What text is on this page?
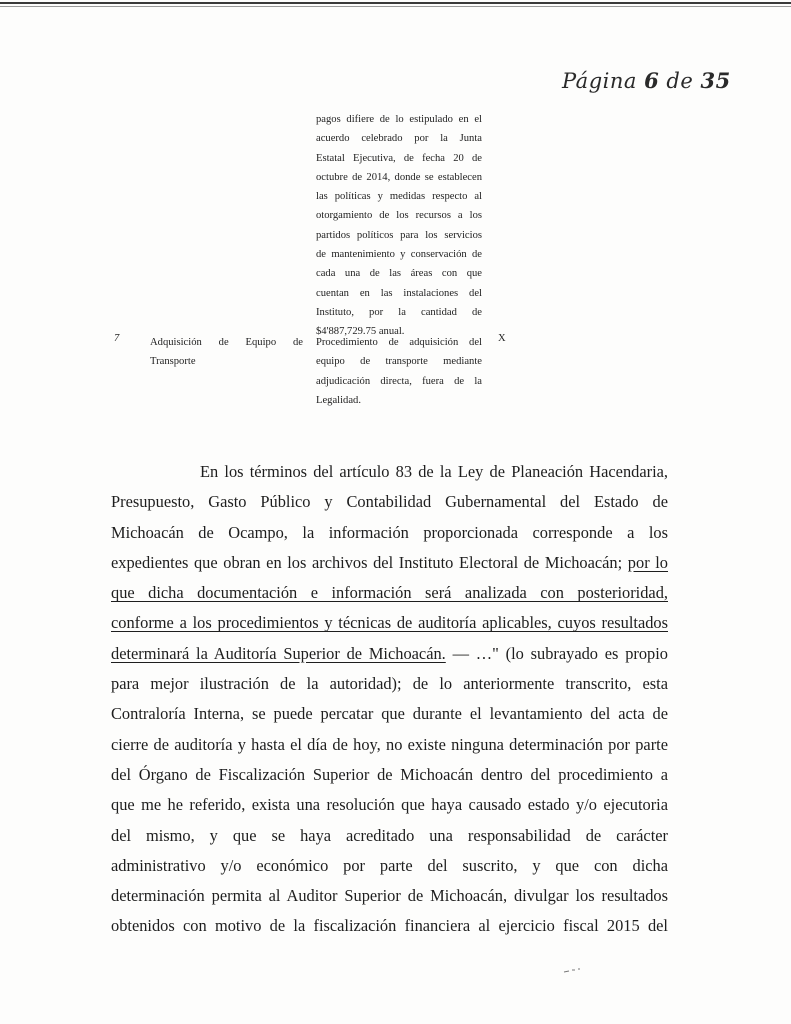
Página 6 de 35
pagos difiere de lo estipulado en el
acuerdo celebrado por la Junta
Estatal Ejecutiva, de fecha 20 de
octubre de 2014, donde se establecen
las políticas y medidas respecto al
otorgamiento de los recursos a los
partidos políticos para los servicios
de mantenimiento y conservación de
cada una de las áreas con que
cuentan en las instalaciones del
Instituto, por la cantidad de
$4'887,729.75 anual.
7	Adquisición de Equipo de
Transporte
Procedimiento de adquisición del
equipo de transporte mediante
adjudicación directa, fuera de la
Legalidad.
X
En los términos del artículo 83 de la Ley de Planeación Hacendaria,
Presupuesto, Gasto Público y Contabilidad Gubernamental del Estado de
Michoacán de Ocampo, la información proporcionada corresponde a los
expedientes que obran en los archivos del Instituto Electoral de Michoacán; por lo
que dicha documentación e información será analizada con posterioridad,
conforme a los procedimientos y técnicas de auditoría aplicables, cuyos resultados
determinará la Auditoría Superior de Michoacán. — …" (lo subrayado es propio
para mejor ilustración de la autoridad); de lo anteriormente transcrito, esta
Contraloría Interna, se puede percatar que durante el levantamiento del acta de
cierre de auditoría y hasta el día de hoy, no existe ninguna determinación por parte
del Órgano de Fiscalización Superior de Michoacán dentro del procedimiento a
que me he referido, exista una resolución que haya causado estado y/o ejecutoria
del mismo, y que se haya acreditado una responsabilidad de carácter
administrativo y/o económico por parte del suscrito, y que con dicha
determinación permita al Auditor Superior de Michoacán, divulgar los resultados
obtenidos con motivo de la fiscalización financiera al ejercicio fiscal 2015 del
